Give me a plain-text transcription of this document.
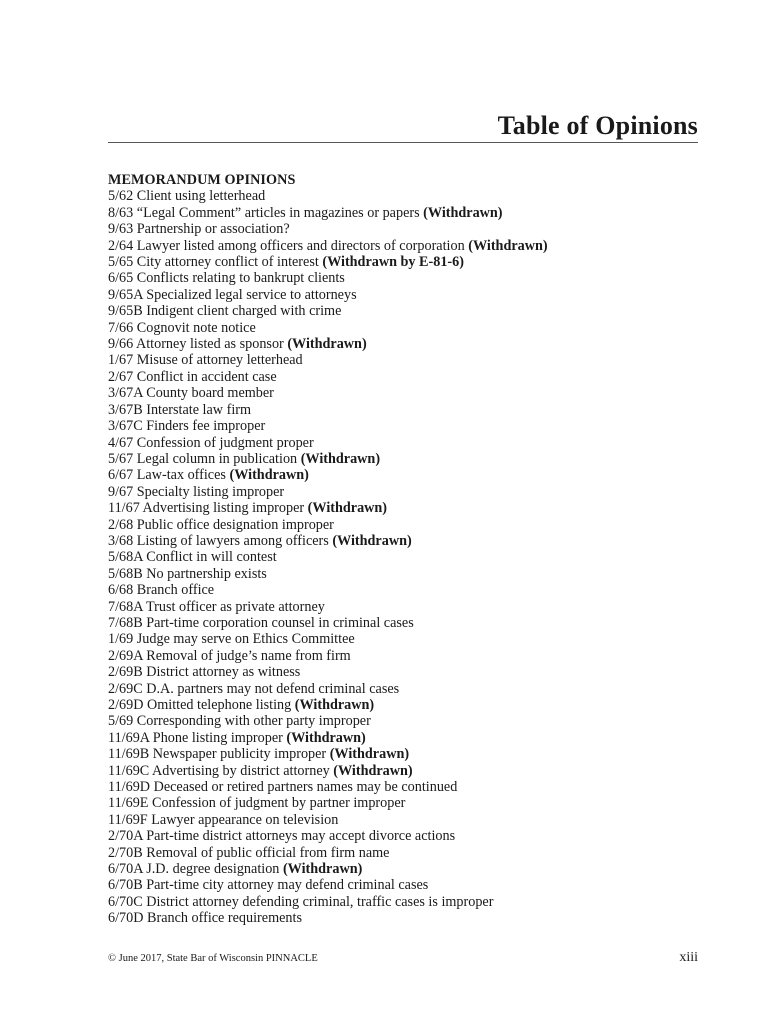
Table of Opinions
MEMORANDUM OPINIONS
5/62 Client using letterhead
8/63 “Legal Comment” articles in magazines or papers (Withdrawn)
9/63 Partnership or association?
2/64 Lawyer listed among officers and directors of corporation (Withdrawn)
5/65 City attorney conflict of interest (Withdrawn by E-81-6)
6/65 Conflicts relating to bankrupt clients
9/65A Specialized legal service to attorneys
9/65B Indigent client charged with crime
7/66 Cognovit note notice
9/66 Attorney listed as sponsor (Withdrawn)
1/67 Misuse of attorney letterhead
2/67 Conflict in accident case
3/67A County board member
3/67B Interstate law firm
3/67C Finders fee improper
4/67 Confession of judgment proper
5/67 Legal column in publication (Withdrawn)
6/67 Law-tax offices (Withdrawn)
9/67 Specialty listing improper
11/67 Advertising listing improper (Withdrawn)
2/68 Public office designation improper
3/68 Listing of lawyers among officers (Withdrawn)
5/68A Conflict in will contest
5/68B No partnership exists
6/68 Branch office
7/68A Trust officer as private attorney
7/68B Part-time corporation counsel in criminal cases
1/69 Judge may serve on Ethics Committee
2/69A Removal of judge’s name from firm
2/69B District attorney as witness
2/69C D.A. partners may not defend criminal cases
2/69D Omitted telephone listing (Withdrawn)
5/69 Corresponding with other party improper
11/69A Phone listing improper (Withdrawn)
11/69B Newspaper publicity improper (Withdrawn)
11/69C Advertising by district attorney (Withdrawn)
11/69D Deceased or retired partners names may be continued
11/69E Confession of judgment by partner improper
11/69F Lawyer appearance on television
2/70A Part-time district attorneys may accept divorce actions
2/70B Removal of public official from firm name
6/70A J.D. degree designation (Withdrawn)
6/70B Part-time city attorney may defend criminal cases
6/70C District attorney defending criminal, traffic cases is improper
6/70D Branch office requirements
© June 2017, State Bar of Wisconsin PINNACLE	xiii
